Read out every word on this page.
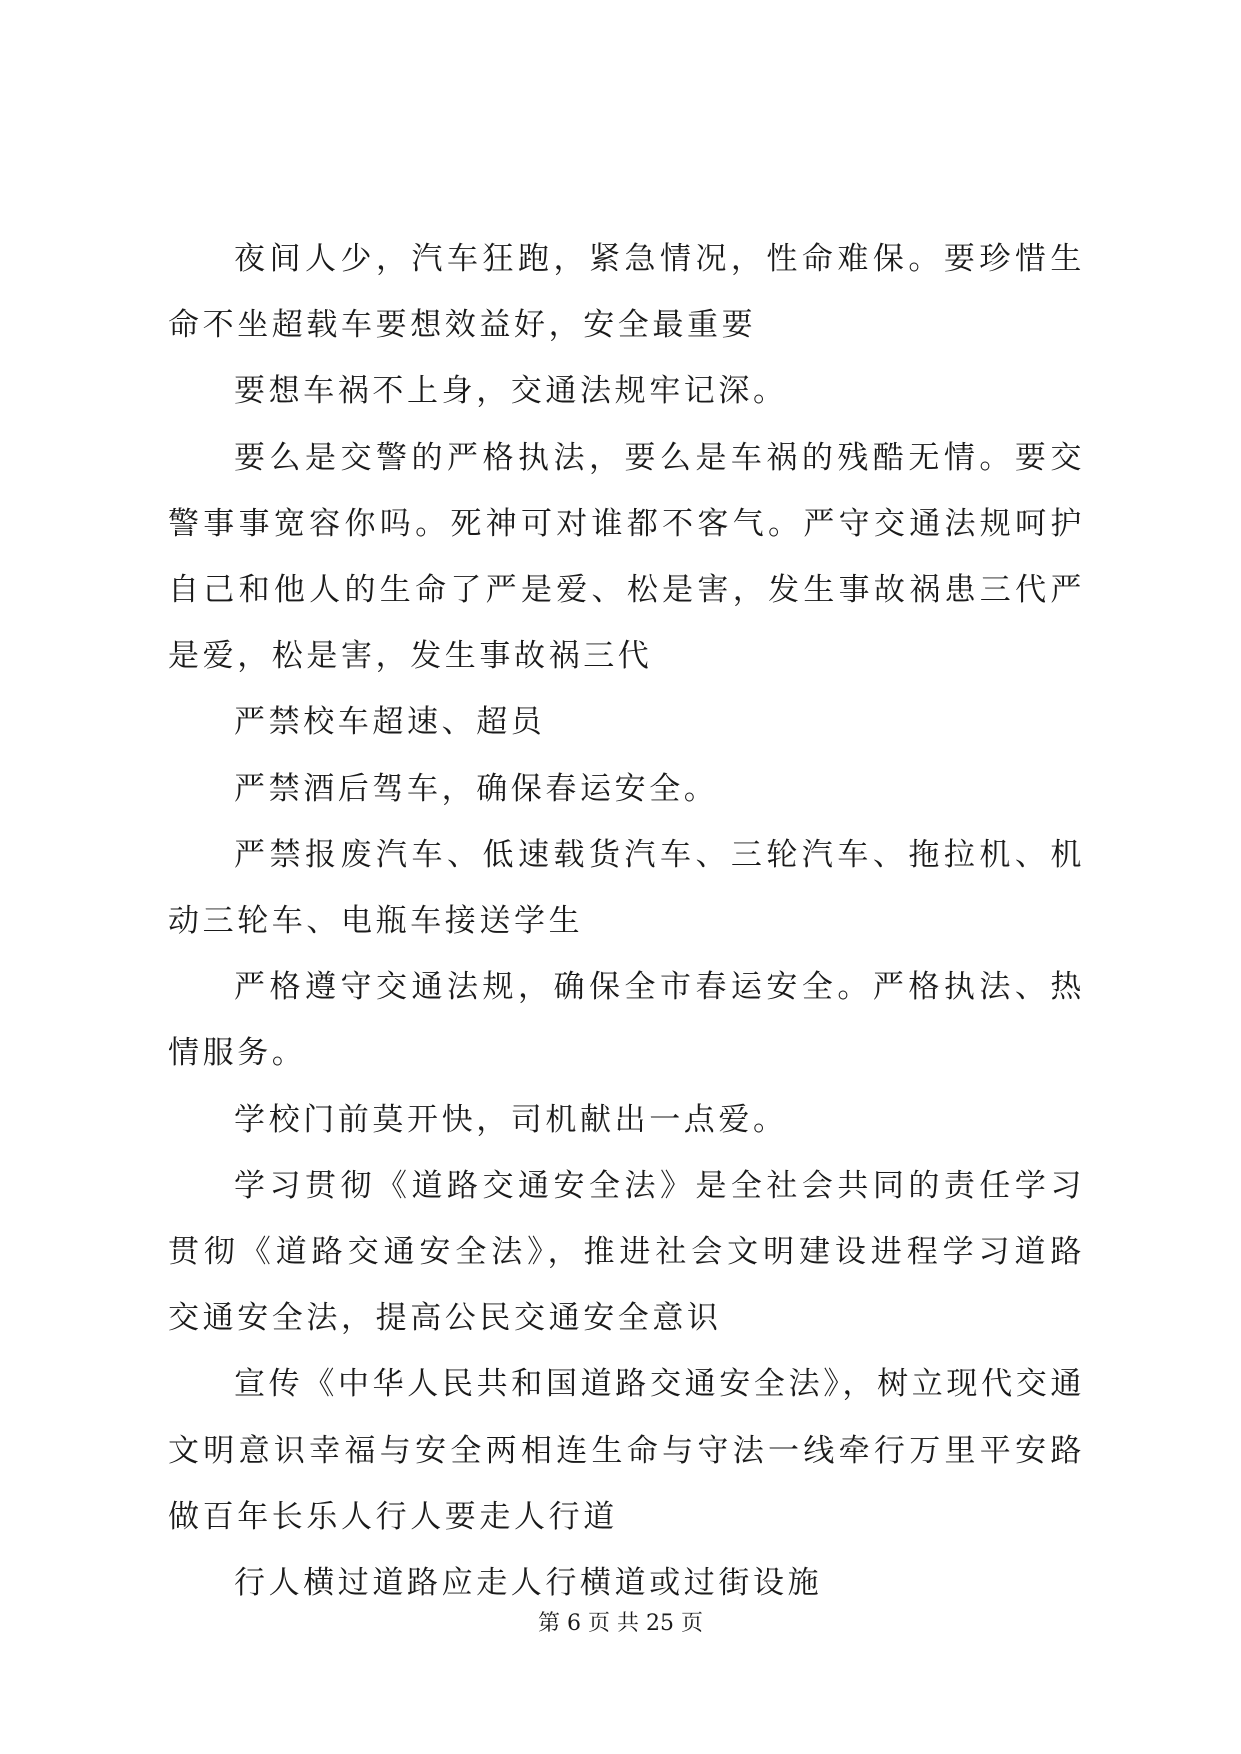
夜间人少，汽车狂跑，紧急情况，性命难保。要珍惜生命不坐超载车要想效益好，安全最重要

要想车祸不上身，交通法规牢记深。

要么是交警的严格执法，要么是车祸的残酷无情。要交警事事宽容你吗。死神可对谁都不客气。严守交通法规呵护自己和他人的生命了严是爱、松是害，发生事故祸患三代严是爱，松是害，发生事故祸三代

严禁校车超速、超员

严禁酒后驾车，确保春运安全。

严禁报废汽车、低速载货汽车、三轮汽车、拖拉机、机动三轮车、电瓶车接送学生

严格遵守交通法规，确保全市春运安全。严格执法、热情服务。

学校门前莫开快，司机献出一点爱。

学习贯彻《道路交通安全法》是全社会共同的责任学习贯彻《道路交通安全法》，推进社会文明建设进程学习道路交通安全法，提高公民交通安全意识

宣传《中华人民共和国道路交通安全法》，树立现代交通文明意识幸福与安全两相连生命与守法一线牵行万里平安路做百年长乐人行人要走人行道

行人横过道路应走人行横道或过街设施

第 6 页 共 25 页
